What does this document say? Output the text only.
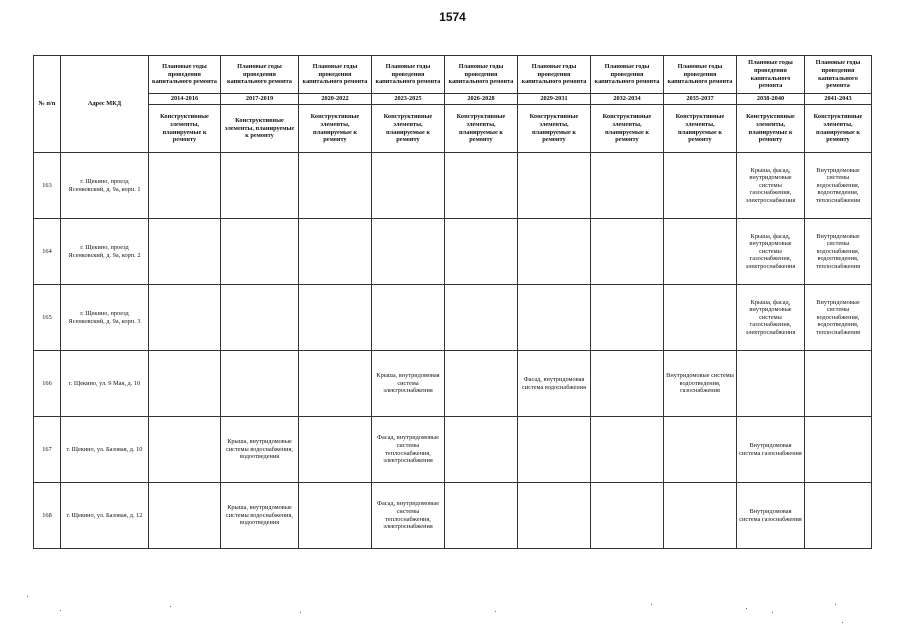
1574
№ п/п	Адрес МКД	Плановые годы проведения капитального ремонта	Плановые годы проведения капитального ремонта	Плановые годы проведения капитального ремонта	Плановые годы проведения капитального ремонта	Плановые годы проведения капитального ремонта	Плановые годы проведения капитального ремонта	Плановые годы проведения капитального ремонта	Плановые годы проведения капитального ремонта	Плановые годы проведения капитального ремонта	Плановые годы проведения капитального ремонта
		2014-2016	2017-2019	2020-2022	2023-2025	2026-2028	2029-2031	2032-2034	2035-2037	2038-2040	2041-2043
		Конструктивные элементы, планируемые к ремонту	Конструктивные элементы, планируемые к ремонту	Конструктивные элементы, планируемые к ремонту	Конструктивные элементы, планируемые к ремонту	Конструктивные элементы, планируемые к ремонту	Конструктивные элементы, планируемые к ремонту	Конструктивные элементы, планируемые к ремонту	Конструктивные элементы, планируемые к ремонту	Конструктивные элементы, планируемые к ремонту	Конструктивные элементы, планируемые к ремонту
163	г. Щекино, проезд Ясенковский, д. 9а, корп. 1									Крыша, фасад, внутридомовые системы газоснабжения, электроснабжения	Внутридомовые системы водоснабжения, водоотведения, теплоснабжения
164	г. Щекино, проезд Ясенковский, д. 9а, корп. 2									Крыша, фасад, внутридомовые системы газоснабжения, электроснабжения	Внутридомовые системы водоснабжения, водоотведения, теплоснабжения
165	г. Щекино, проезд Ясенковский, д. 9а, корп. 3									Крыша, фасад, внутридомовые системы газоснабжения, электроснабжения	Внутридомовые системы водоснабжения, водоотведения, теплоснабжения
166	г. Щекино, ул. 9 Мая, д. 10				Крыша, внутридомовая система электроснабжения		Фасад, внутридомовая система водоснабжения		Внутридомовые системы водоотведения, газоснабжения		
167	г. Щекино, ул. Базовая, д. 10		Крыша, внутридомовые системы водоснабжения, водоотведения		Фасад, внутридомовые системы теплоснабжения, электроснабжения					Внутридомовая система газоснабжения	
168	г. Щекино, ул. Базовая, д. 12		Крыша, внутридомовые системы водоснабжения, водоотведения		Фасад, внутридомовые системы теплоснабжения, электроснабжения					Внутридомовая система газоснабжения	
